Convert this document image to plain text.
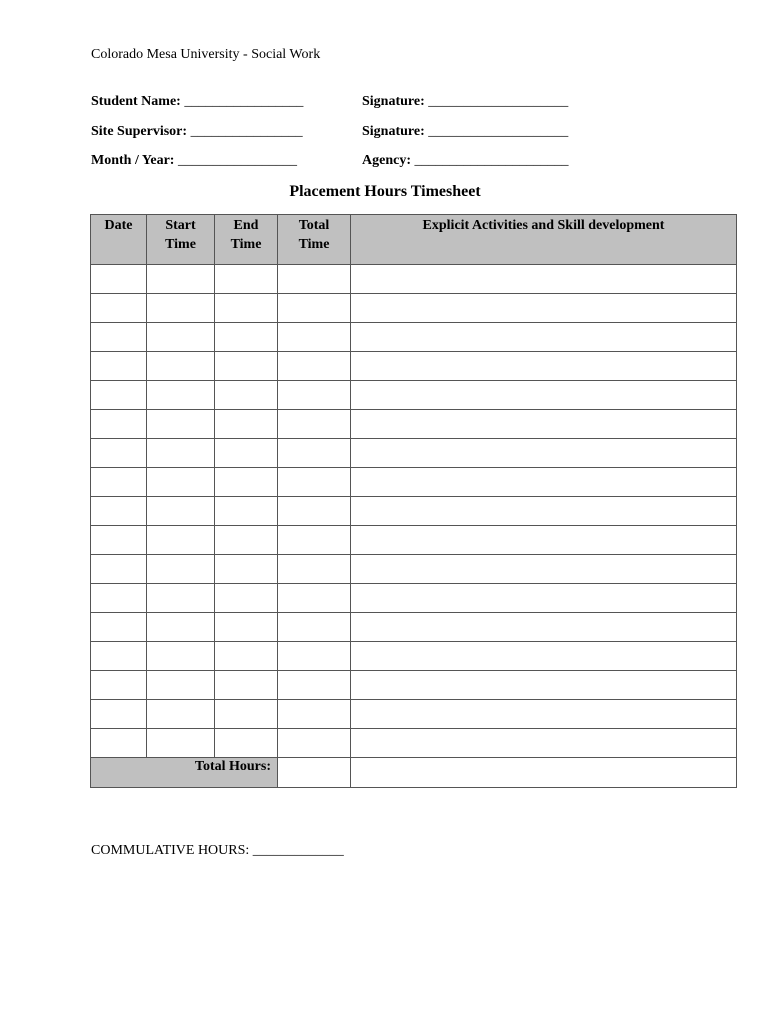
Colorado Mesa University - Social Work
Student Name: _________________	Signature: ____________________
Site Supervisor: ________________	Signature: ____________________
Month / Year: _________________	Agency: ______________________
Placement Hours Timesheet
Date	Start Time	End Time	Total Time	Explicit Activities and Skill development

Total Hours:				
COMMULATIVE HOURS: _____________
